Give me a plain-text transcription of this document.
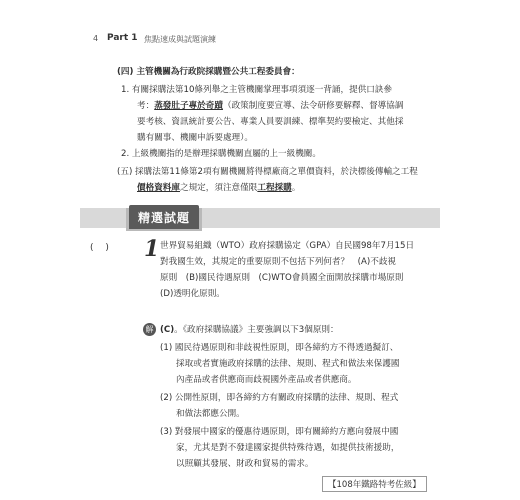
4 Part 1 焦點速成與試題演練
(四) 主管機關為行政院採購暨公共工程委員會：
1. 有關採購法第10條列舉之主管機關掌理事項須逐一背誦，提供口訣參
考：蒸發肚子專於奇蹟（政策制度要宣導、法令研修要解釋、督導協調
要考核、資訊統計要公告、專業人員要訓練、標準契約要檢定、其他採
購有關事、機關申訴要處理）。
2. 上級機關指的是辦理採購機關直屬的上一級機關。
(五) 採購法第11條第2項有關機關將得標廠商之單價資料，於決標後傳輸之工程
價格資料庫之規定，須注意僅限工程採購。
精選試題
(　 ) 1 世界貿易組織（WTO）政府採購協定（GPA）自民國98年7月15日
對我國生效，其規定的重要原則不包括下列何者？　(A)不歧視
原則　(B)國民待遇原則　(C)WTO會員國全面開放採購市場原則
(D)透明化原則。
解 (C)。《政府採購協議》主要強調以下3個原則：
(1) 國民待遇原則和非歧視性原則，即各締約方不得透過擬訂、
採取或者實施政府採購的法律、規則、程式和做法來保護國
內產品或者供應商而歧視國外產品或者供應商。
(2) 公開性原則，即各締約方有關政府採購的法律、規則、程式
和做法都應公開。
(3) 對發展中國家的優惠待遇原則，即有關締約方應向發展中國
家，尤其是對不發達國家提供特殊待遇，如提供技術援助，
以照顧其發展、財政和貿易的需求。
【108年鐵路特考佐級】
